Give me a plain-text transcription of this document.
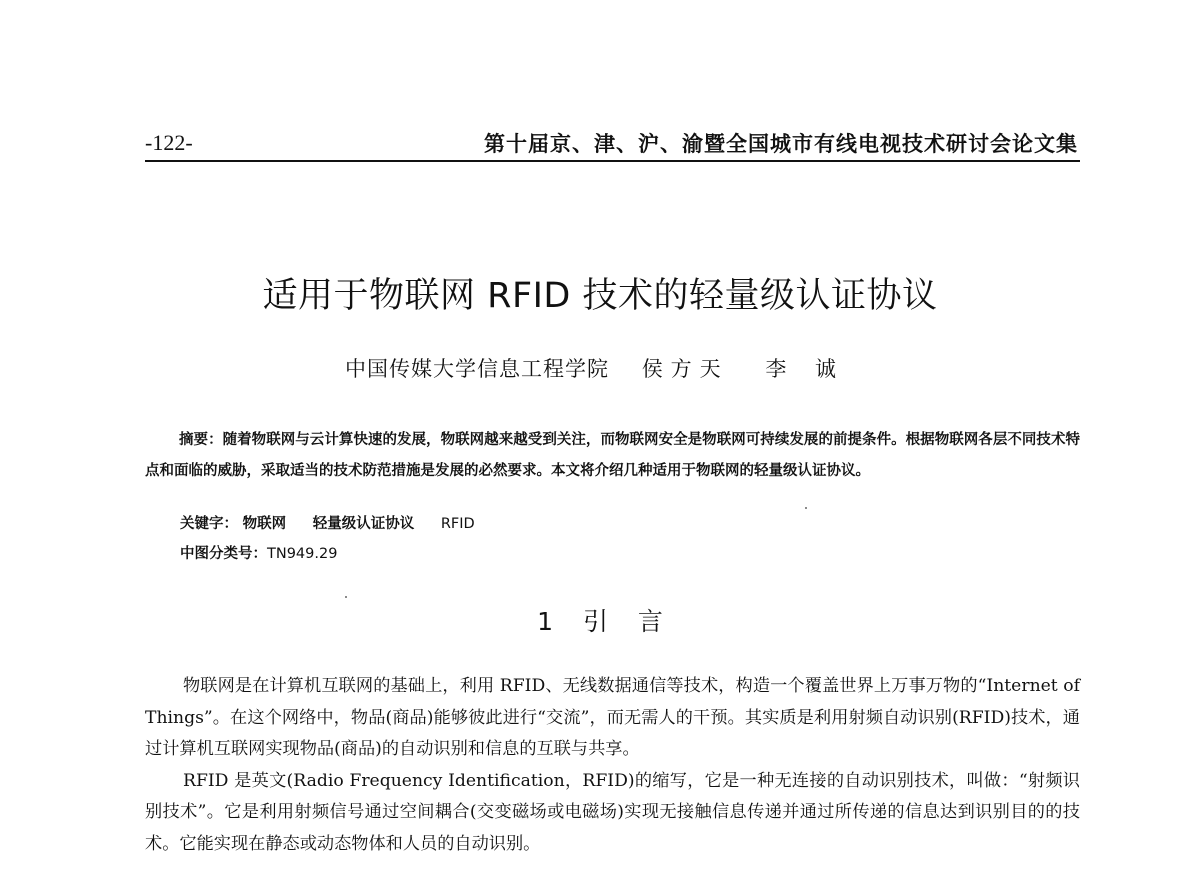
-122-	第十届京、津、沪、渝暨全国城市有线电视技术研讨会论文集
适用于物联网 RFID 技术的轻量级认证协议
中国传媒大学信息工程学院 侯方天 李 诚
摘要：随着物联网与云计算快速的发展，物联网越来越受到关注，而物联网安全是物联网可持续发展的前提条件。根据物联网各层不同技术特点和面临的威胁，采取适当的技术防范措施是发展的必然要求。本文将介绍几种适用于物联网的轻量级认证协议。
关键字： 物联网 轻量级认证协议 RFID
中图分类号：TN949.29
1 引 言

物联网是在计算机互联网的基础上，利用 RFID、无线数据通信等技术，构造一个覆盖世界上万事万物的“Internet of Things”。在这个网络中，物品(商品)能够彼此进行“交流”，而无需人的干预。其实质是利用射频自动识别(RFID)技术，通过计算机互联网实现物品(商品)的自动识别和信息的互联与共享。

RFID 是英文(Radio Frequency Identification，RFID)的缩写，它是一种无连接的自动识别技术，叫做：“射频识别技术”。它是利用射频信号通过空间耦合(交变磁场或电磁场)实现无接触信息传递并通过所传递的信息达到识别目的的技术。它能实现在静态或动态物体和人员的自动识别。
